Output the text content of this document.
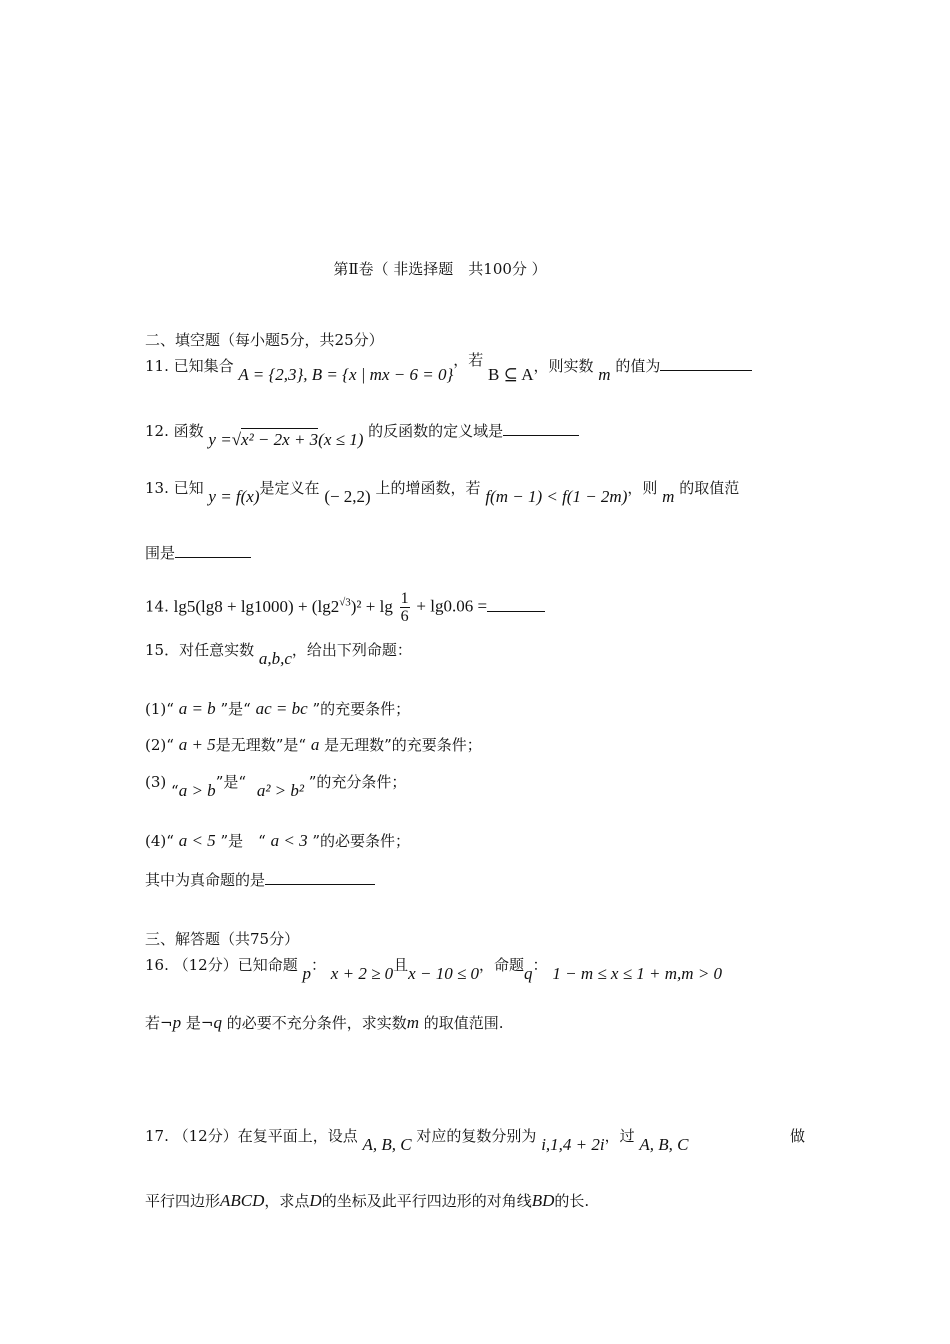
第Ⅱ卷（ 非选择题　共100分 ）
二、填空题（每小题5分，共25分）
11. 已知集合 A = {2,3}, B = {x | mx − 6 = 0}，若 B ⊆ A，则实数 m 的值为
12. 函数 y =√x² − 2x + 3(x ≤ 1) 的反函数的定义域是
13. 已知 y = f(x)是定义在 (− 2,2) 上的增函数，若 f(m − 1) < f(1 − 2m)，则 m 的取值范
围是
14. $\lg 5(\lg 8 + \lg 1000) + (\lg 2^{√3})^2 + \lg \frac{1}{6} + \lg 0.06$ =
15．对任意实数 a,b,c，给出下列命题：
(1)“ a = b ”是“ ac = bc ”的充要条件；
(2)“ a + 5是无理数”是“ a 是无理数”的充要条件；
(3) “a > b”是“ a² > b² ”的充分条件；
(4)“ a < 5 ”是　“ a < 3 ”的必要条件；
其中为真命题的是
三、解答题（共75分）
16. （12分）已知命题 p： x + 2 ≥ 0且x − 10 ≤ 0，命题q： 1 − m ≤ x ≤ 1 + m,m > 0
若¬p 是¬q 的必要不充分条件，求实数m 的取值范围.
17. （12分）在复平面上，设点 A, B, C 对应的复数分别为 i,1,4 + 2i，过 A, B, C	做
平行四边形ABCD，求点D的坐标及此平行四边形的对角线BD的长.
